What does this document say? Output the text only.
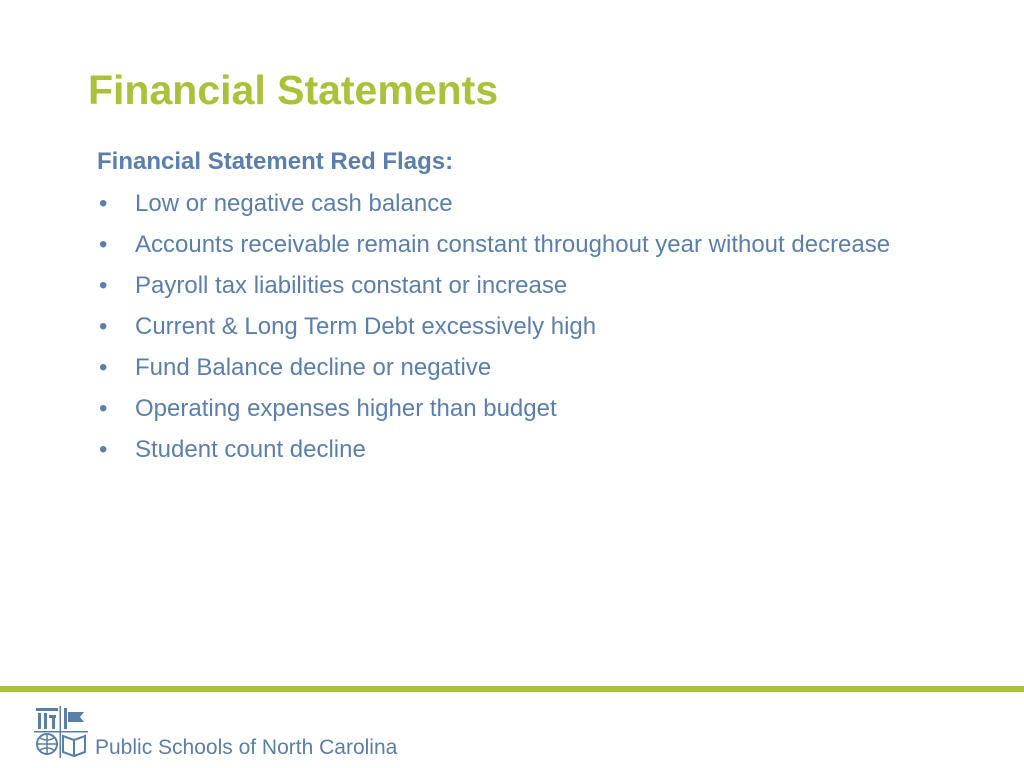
Financial Statements
Financial Statement Red Flags:
•	Low or negative cash balance
•	Accounts receivable remain constant throughout year without decrease
•	Payroll tax liabilities constant or increase
•	Current & Long Term Debt excessively high
•	Fund Balance decline or negative
•	Operating expenses higher than budget
•	Student count decline
Public Schools of North Carolina
